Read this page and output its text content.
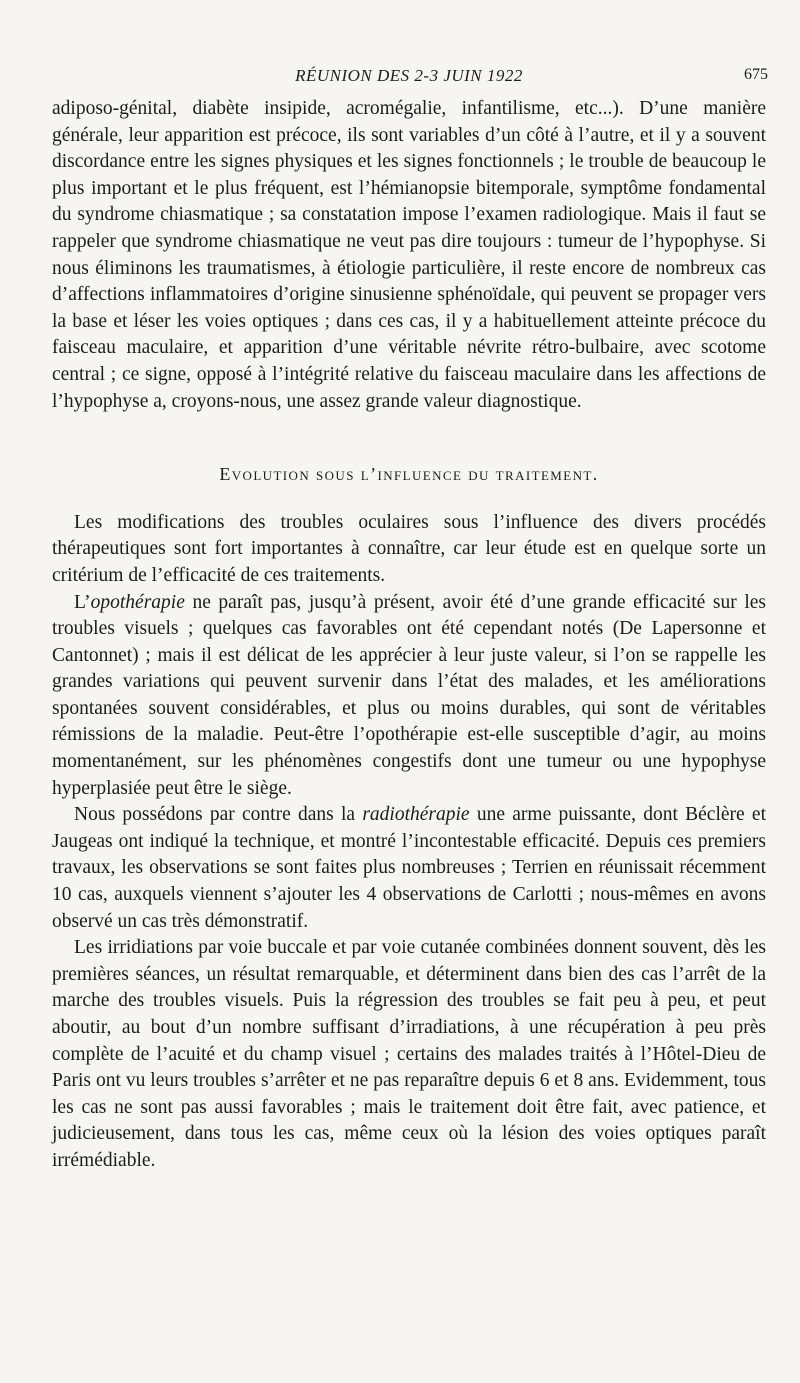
RÉUNION DES 2-3 JUIN 1922	675

adiposo-génital, diabète insipide, acromégalie, infantilisme, etc...). D’une manière générale, leur apparition est précoce, ils sont variables d’un côté à l’autre, et il y a souvent discordance entre les signes physiques et les signes fonctionnels ; le trouble de beaucoup le plus important et le plus fréquent, est l’hémianopsie bitemporale, symptôme fondamental du syndrome chiasmatique ; sa constatation impose l’examen radiologique. Mais il faut se rappeler que syndrome chiasmatique ne veut pas dire toujours : tumeur de l’hypophyse. Si nous éliminons les traumatismes, à étiologie particulière, il reste encore de nombreux cas d’affections inflammatoires d’origine sinusienne sphénoïdale, qui peuvent se propager vers la base et léser les voies optiques ; dans ces cas, il y a habituellement atteinte précoce du faisceau maculaire, et apparition d’une véritable névrite rétro-bulbaire, avec scotome central ; ce signe, opposé à l’intégrité relative du faisceau maculaire dans les affections de l’hypophyse a, croyons-nous, une assez grande valeur diagnostique.

Evolution sous l’influence du traitement.

Les modifications des troubles oculaires sous l’influence des divers procédés thérapeutiques sont fort importantes à connaître, car leur étude est en quelque sorte un critérium de l’efficacité de ces traitements.

L’opothérapie ne paraît pas, jusqu’à présent, avoir été d’une grande efficacité sur les troubles visuels ; quelques cas favorables ont été cependant notés (De Lapersonne et Cantonnet) ; mais il est délicat de les apprécier à leur juste valeur, si l’on se rappelle les grandes variations qui peuvent survenir dans l’état des malades, et les améliorations spontanées souvent considérables, et plus ou moins durables, qui sont de véritables rémissions de la maladie. Peut-être l’opothérapie est-elle susceptible d’agir, au moins momentanément, sur les phénomènes congestifs dont une tumeur ou une hypophyse hyperplasiée peut être le siège.

Nous possédons par contre dans la radiothérapie une arme puissante, dont Béclère et Jaugeas ont indiqué la technique, et montré l’incontestable efficacité. Depuis ces premiers travaux, les observations se sont faites plus nombreuses ; Terrien en réunissait récemment 10 cas, auxquels viennent s’ajouter les 4 observations de Carlotti ; nous-mêmes en avons observé un cas très démonstratif.

Les irridiations par voie buccale et par voie cutanée combinées donnent souvent, dès les premières séances, un résultat remarquable, et déterminent dans bien des cas l’arrêt de la marche des troubles visuels. Puis la régression des troubles se fait peu à peu, et peut aboutir, au bout d’un nombre suffisant d’irradiations, à une récupération à peu près complète de l’acuité et du champ visuel ; certains des malades traités à l’Hôtel-Dieu de Paris ont vu leurs troubles s’arrêter et ne pas reparaître depuis 6 et 8 ans. Evidemment, tous les cas ne sont pas aussi favorables ; mais le traitement doit être fait, avec patience, et judicieusement, dans tous les cas, même ceux où la lésion des voies optiques paraît irrémédiable.
